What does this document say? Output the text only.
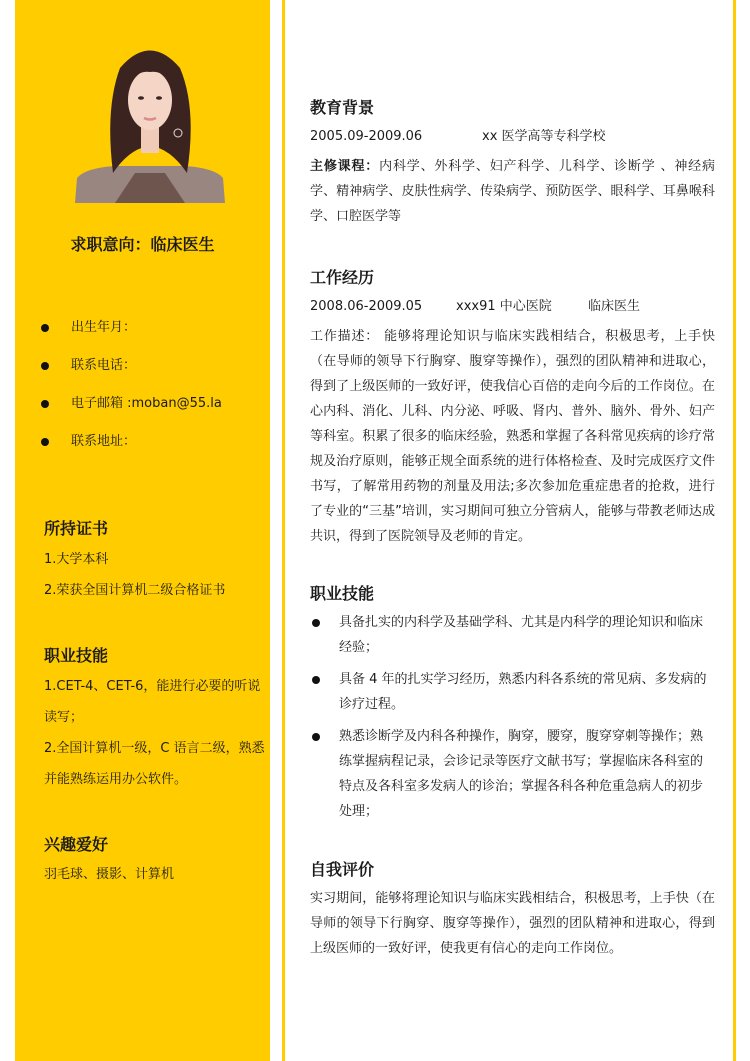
求职意向：临床医生
出生年月：
联系电话：
电子邮箱 :moban@55.la
联系地址：
所持证书
1.大学本科
2.荣获全国计算机二级合格证书
职业技能
1.CET-4、CET-6，能进行必要的听说读写；
2.全国计算机一级，C 语言二级，熟悉并能熟练运用办公软件。
兴趣爱好
羽毛球、摄影、计算机
教育背景
2005.09-2009.06	xx 医学高等专科学校
主修课程：内科学、外科学、妇产科学、儿科学、诊断学 、神经病学、精神病学、皮肤性病学、传染病学、预防医学、眼科学、耳鼻喉科学、口腔医学等
工作经历
2008.06-2009.05	xxx91 中心医院	临床医生
工作描述： 能够将理论知识与临床实践相结合，积极思考，上手快（在导师的领导下行胸穿、腹穿等操作），强烈的团队精神和进取心，得到了上级医师的一致好评，使我信心百倍的走向今后的工作岗位。在心内科、消化、儿科、内分泌、呼吸、肾内、普外、脑外、骨外、妇产等科室。积累了很多的临床经验，熟悉和掌握了各科常见疾病的诊疗常规及治疗原则，能够正规全面系统的进行体格检查、及时完成医疗文件书写，了解常用药物的剂量及用法;多次参加危重症患者的抢救，进行了专业的“三基”培训，实习期间可独立分管病人，能够与带教老师达成共识，得到了医院领导及老师的肯定。
职业技能
具备扎实的内科学及基础学科、尤其是内科学的理论知识和临床经验；
具备 4 年的扎实学习经历，熟悉内科各系统的常见病、多发病的诊疗过程。
熟悉诊断学及内科各种操作，胸穿，腰穿，腹穿穿刺等操作；熟练掌握病程记录，会诊记录等医疗文献书写；掌握临床各科室的特点及各科室多发病人的诊治；掌握各科各种危重急病人的初步处理；
自我评价
实习期间，能够将理论知识与临床实践相结合，积极思考，上手快（在导师的领导下行胸穿、腹穿等操作），强烈的团队精神和进取心，得到上级医师的一致好评，使我更有信心的走向工作岗位。
